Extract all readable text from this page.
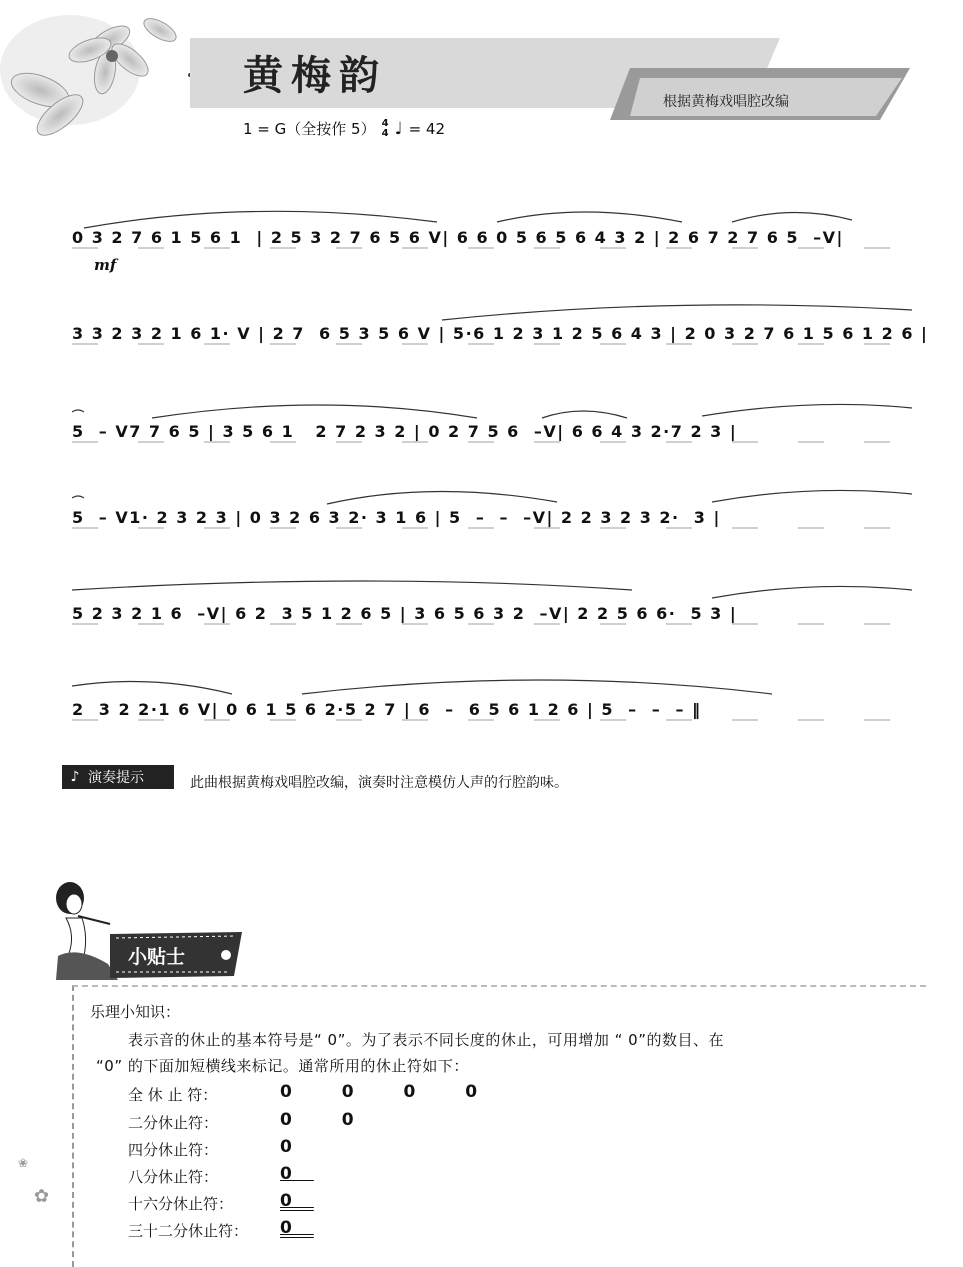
黄梅韵
根据黄梅戏唱腔改编
1 = G（全按作 5） 4
4 ♩ = 42
0 3 2 7 6 1 5 6 1  | 2 5 3 2 7 6 5 6 V| 6 6 0 5 6 5 6 4 3 2 | 2 6 7 2 7 6 5  –V|
mf
3 3 2 3 2 1 6 1· V | 2 7  6 5 3 5 6 V | 5·6 1 2 3 1 2 5 6 4 3 | 2 0 3 2 7 6 1 5 6 1 2 6 |
5  – V7 7 6 5 | 3 5 6 1   2 7 2 3 2 | 0 2 7 5 6  –V| 6 6 4 3 2·7 2 3 |
5  – V1· 2 3 2 3 | 0 3 2 6 3 2· 3 1 6 | 5  –  –  –V| 2 2 3 2 3 2·  3 |
5 2 3 2 1 6  –V| 6 2  3 5 1 2 6 5 | 3 6 5 6 3 2  –V| 2 2 5 6 6·  5 3 |
2  3 2 2·1 6 V| 0 6 1 5 6 2·5 2 7 | 6  –  6 5 6 1 2 6 | 5  –  –  – ‖
♪ 演奏提示	此曲根据黄梅戏唱腔改编，演奏时注意模仿人声的行腔韵味。
小贴士
乐理小知识：
表示音的休止的基本符号是“ 0”。为了表示不同长度的休止，可用增加 “ 0”的数目、在
“0” 的下面加短横线来标记。通常所用的休止符如下：
全 休 止 符：	0 0 0 0
二分休止符：	0 0
四分休止符：	0
八分休止符：	0
十六分休止符：	0
三十二分休止符： 0
✿
❀
